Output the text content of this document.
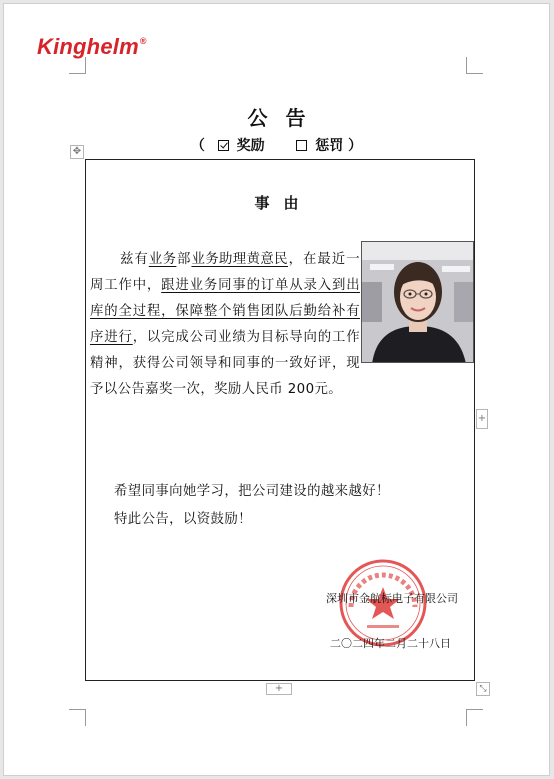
Kinghelm®
公告
（ 奖励	惩罚 ）
✥
事由
兹有业务部业务助理黄意民，在最近一周工作中，跟进业务同事的订单从录入到出库的全过程，保障整个销售团队后勤给补有序进行，以完成公司业绩为目标导向的工作精神，获得公司领导和同事的一致好评，现予以公告嘉奖一次，奖励人民币 200元。
+
希望同事向她学习，把公司建设的越来越好！
特此公告，以资鼓励！
深圳市金航标电子有限公司
二〇二四年二月二十八日
+	⤡
